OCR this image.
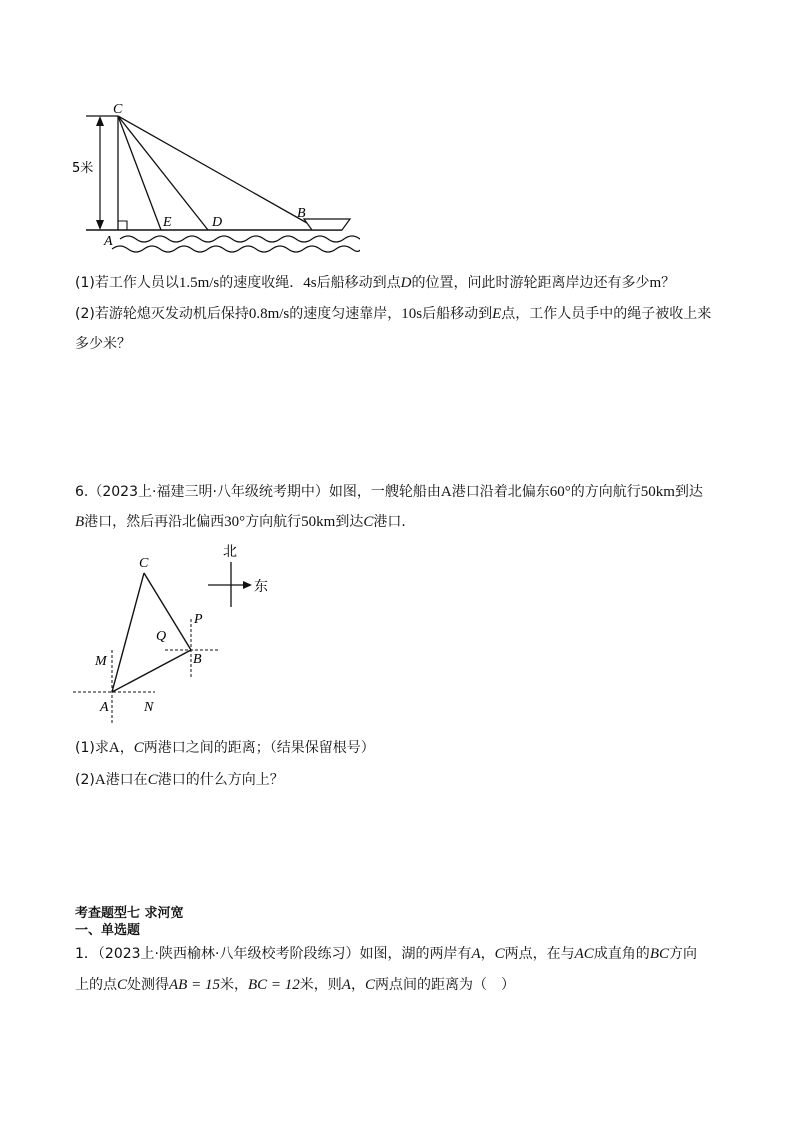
C
A
E	D
B
5米
(1)若工作人员以1.5m/s的速度收绳．4s后船移动到点D的位置，问此时游轮距离岸边还有多少m？
(2)若游轮熄灭发动机后保持0.8m/s的速度匀速靠岸，10s后船移动到E点，工作人员手中的绳子被收上来
多少米？
6.（2023上·福建三明·八年级统考期中）如图，一艘轮船由A港口沿着北偏东60°的方向航行50km到达
B港口，然后再沿北偏西30°方向航行50km到达C港口．
C
A
B
M
N
P
Q
北
东
(1)求A，C两港口之间的距离；（结果保留根号）
(2)A港口在C港口的什么方向上？
考查题型七 求河宽
一、单选题
1．（2023上·陕西榆林·八年级校考阶段练习）如图，湖的两岸有A，C两点，在与AC成直角的BC方向
上的点C处测得AB = 15米，BC = 12米，则A，C两点间的距离为（　）
